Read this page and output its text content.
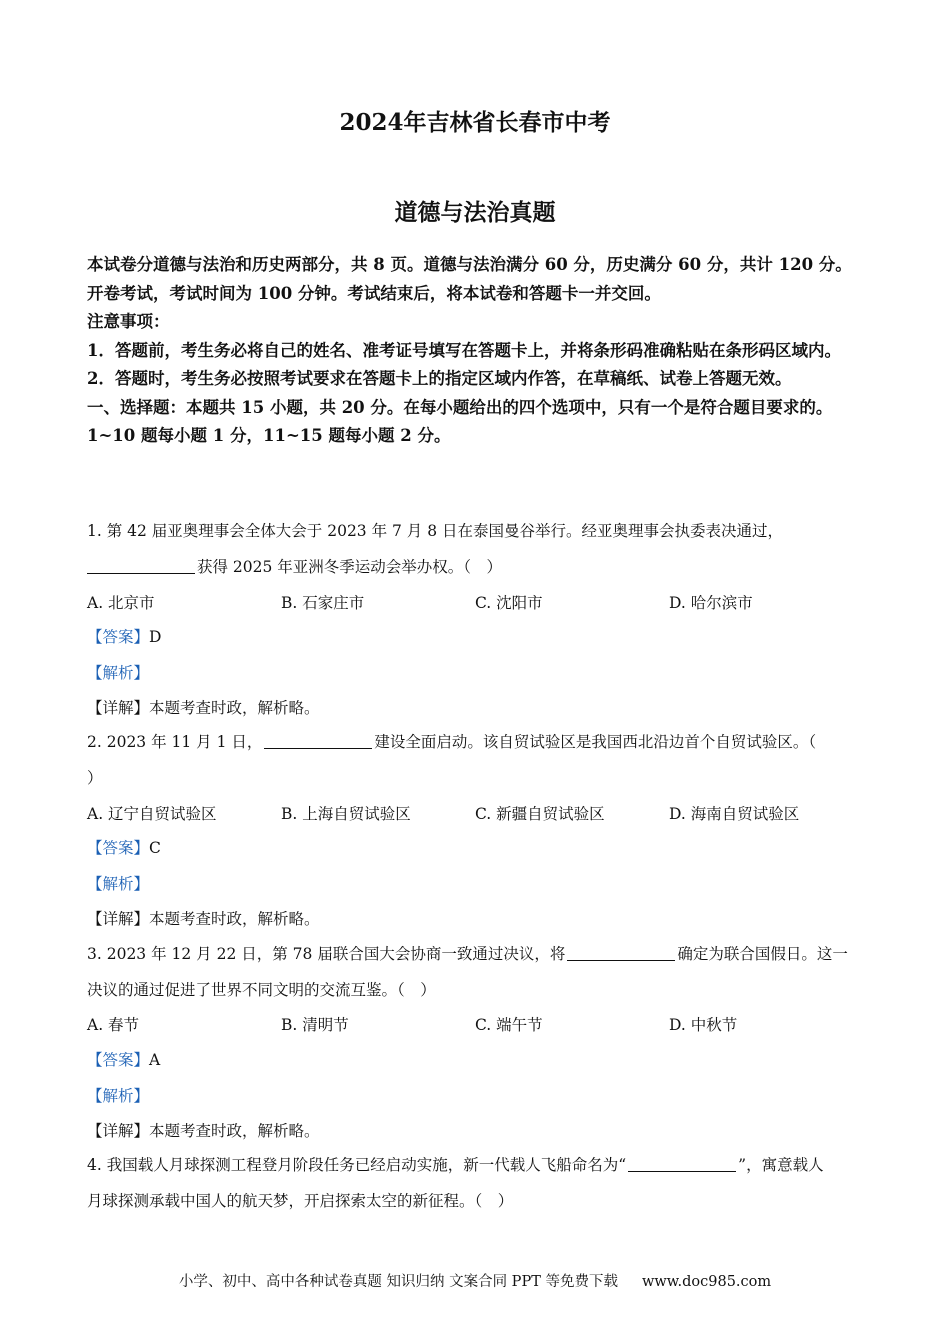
2024年吉林省长春市中考
道德与法治真题

本试卷分道德与法治和历史两部分，共 8 页。道德与法治满分 60 分，历史满分 60 分，共计 120 分。开卷考试，考试时间为 100 分钟。考试结束后，将本试卷和答题卡一并交回。

注意事项：

1．答题前，考生务必将自己的姓名、准考证号填写在答题卡上，并将条形码准确粘贴在条形码区域内。

2．答题时，考生务必按照考试要求在答题卡上的指定区域内作答，在草稿纸、试卷上答题无效。

一、选择题：本题共 15 小题，共 20 分。在每小题给出的四个选项中，只有一个是符合题目要求的。1~10 题每小题 1 分，11~15 题每小题 2 分。

1. 第 42 届亚奥理事会全体大会于 2023 年 7 月 8 日在泰国曼谷举行。经亚奥理事会执委表决通过，
获得 2025 年亚洲冬季运动会举办权。（　）
A. 北京市	B. 石家庄市	C. 沈阳市	D. 哈尔滨市
【答案】D
【解析】
【详解】本题考查时政，解析略。
2. 2023 年 11 月 1 日，	建设全面启动。该自贸试验区是我国西北沿边首个自贸试验区。（
）
A. 辽宁自贸试验区	B. 上海自贸试验区	C. 新疆自贸试验区	D. 海南自贸试验区
【答案】C
【解析】
【详解】本题考查时政，解析略。
3. 2023 年 12 月 22 日，第 78 届联合国大会协商一致通过决议，将	确定为联合国假日。这一
决议的通过促进了世界不同文明的交流互鉴。（　）
A. 春节	B. 清明节	C. 端午节	D. 中秋节
【答案】A
【解析】
【详解】本题考查时政，解析略。
4. 我国载人月球探测工程登月阶段任务已经启动实施，新一代载人飞船命名为“	”，寓意载人
月球探测承载中国人的航天梦，开启探索太空的新征程。（　）
小学、初中、高中各种试卷真题 知识归纳 文案合同 PPT 等免费下载 www.doc985.com
